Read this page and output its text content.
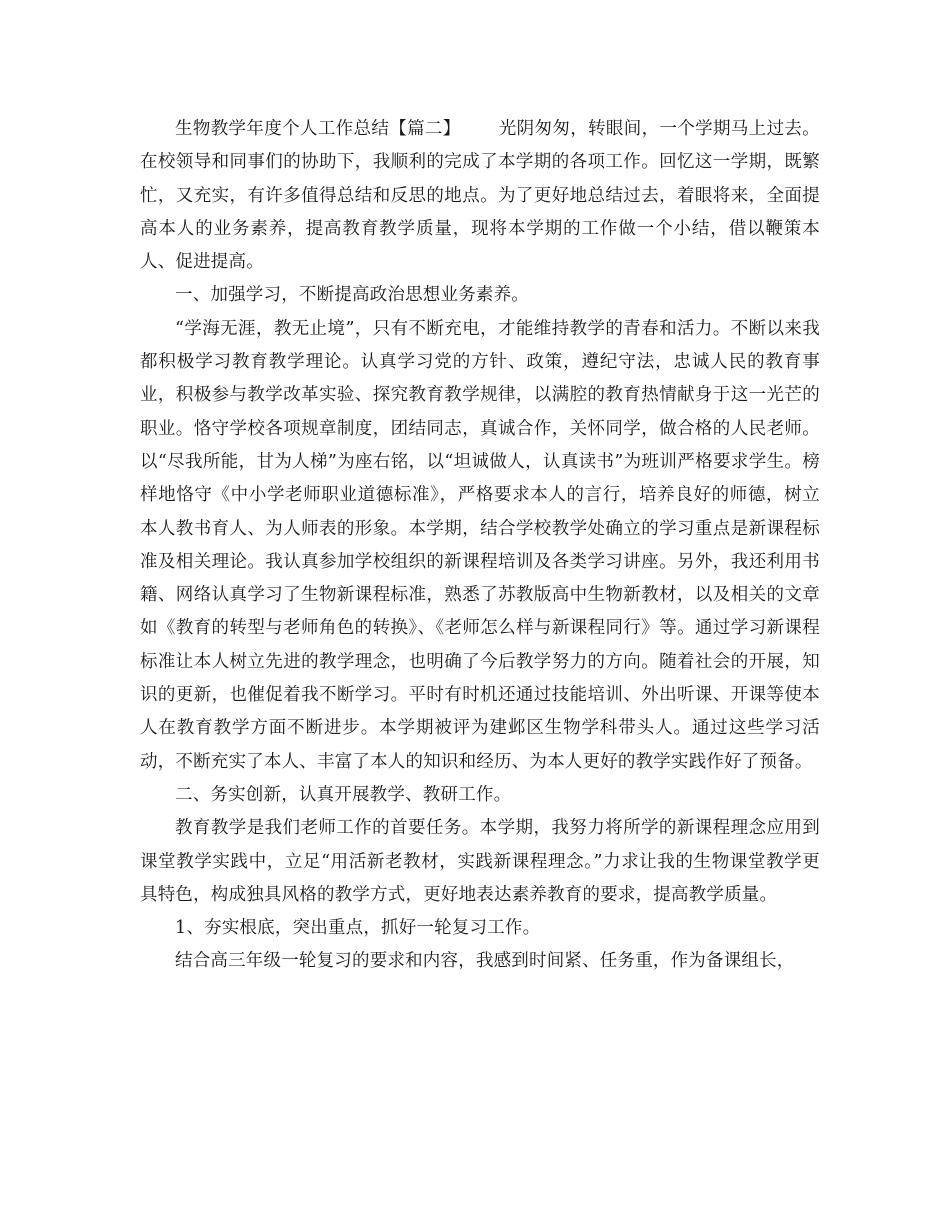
生物教学年度个人工作总结【篇二】 光阴匆匆，转眼间，一个学期马上过去。在校领导和同事们的协助下，我顺利的完成了本学期的各项工作。回忆这一学期，既繁忙，又充实，有许多值得总结和反思的地点。为了更好地总结过去，着眼将来，全面提高本人的业务素养，提高教育教学质量，现将本学期的工作做一个小结，借以鞭策本人、促进提高。

一、加强学习，不断提高政治思想业务素养。

“学海无涯，教无止境”，只有不断充电，才能维持教学的青春和活力。不断以来我都积极学习教育教学理论。认真学习党的方针、政策，遵纪守法，忠诚人民的教育事业，积极参与教学改革实验、探究教育教学规律，以满腔的教育热情献身于这一光芒的职业。恪守学校各项规章制度，团结同志，真诚合作，关怀同学，做合格的人民老师。以“尽我所能，甘为人梯”为座右铭，以“坦诚做人，认真读书”为班训严格要求学生。榜样地恪守《中小学老师职业道德标准》，严格要求本人的言行，培养良好的师德，树立本人教书育人、为人师表的形象。本学期，结合学校教学处确立的学习重点是新课程标准及相关理论。我认真参加学校组织的新课程培训及各类学习讲座。另外，我还利用书籍、网络认真学习了生物新课程标准，熟悉了苏教版高中生物新教材，以及相关的文章如《教育的转型与老师角色的转换》、《老师怎么样与新课程同行》等。通过学习新课程标准让本人树立先进的教学理念，也明确了今后教学努力的方向。随着社会的开展，知识的更新，也催促着我不断学习。平时有时机还通过技能培训、外出听课、开课等使本人在教育教学方面不断进步。本学期被评为建邺区生物学科带头人。通过这些学习活动，不断充实了本人、丰富了本人的知识和经历、为本人更好的教学实践作好了预备。

二、务实创新，认真开展教学、教研工作。

教育教学是我们老师工作的首要任务。本学期，我努力将所学的新课程理念应用到课堂教学实践中，立足“用活新老教材，实践新课程理念。”力求让我的生物课堂教学更具特色，构成独具风格的教学方式，更好地表达素养教育的要求，提高教学质量。

1、夯实根底，突出重点，抓好一轮复习工作。

结合高三年级一轮复习的要求和内容，我感到时间紧、任务重，作为备课组长，
